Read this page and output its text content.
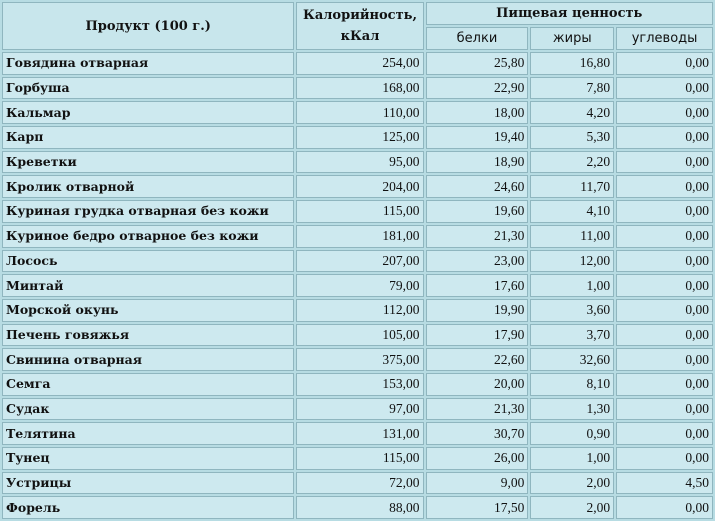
Продукт (100 г.)	Калорийность, кКал	Пищевая ценность		
		белки	жиры	углеводы
Говядина отварная	254,00	25,80	16,80	0,00
Горбуша	168,00	22,90	7,80	0,00
Кальмар	110,00	18,00	4,20	0,00
Карп	125,00	19,40	5,30	0,00
Креветки	95,00	18,90	2,20	0,00
Кролик отварной	204,00	24,60	11,70	0,00
Куриная грудка отварная без кожи	115,00	19,60	4,10	0,00
Куриное бедро отварное без кожи	181,00	21,30	11,00	0,00
Лосось	207,00	23,00	12,00	0,00
Минтай	79,00	17,60	1,00	0,00
Морской окунь	112,00	19,90	3,60	0,00
Печень говяжья	105,00	17,90	3,70	0,00
Свинина отварная	375,00	22,60	32,60	0,00
Семга	153,00	20,00	8,10	0,00
Судак	97,00	21,30	1,30	0,00
Телятина	131,00	30,70	0,90	0,00
Тунец	115,00	26,00	1,00	0,00
Устрицы	72,00	9,00	2,00	4,50
Форель	88,00	17,50	2,00	0,00
